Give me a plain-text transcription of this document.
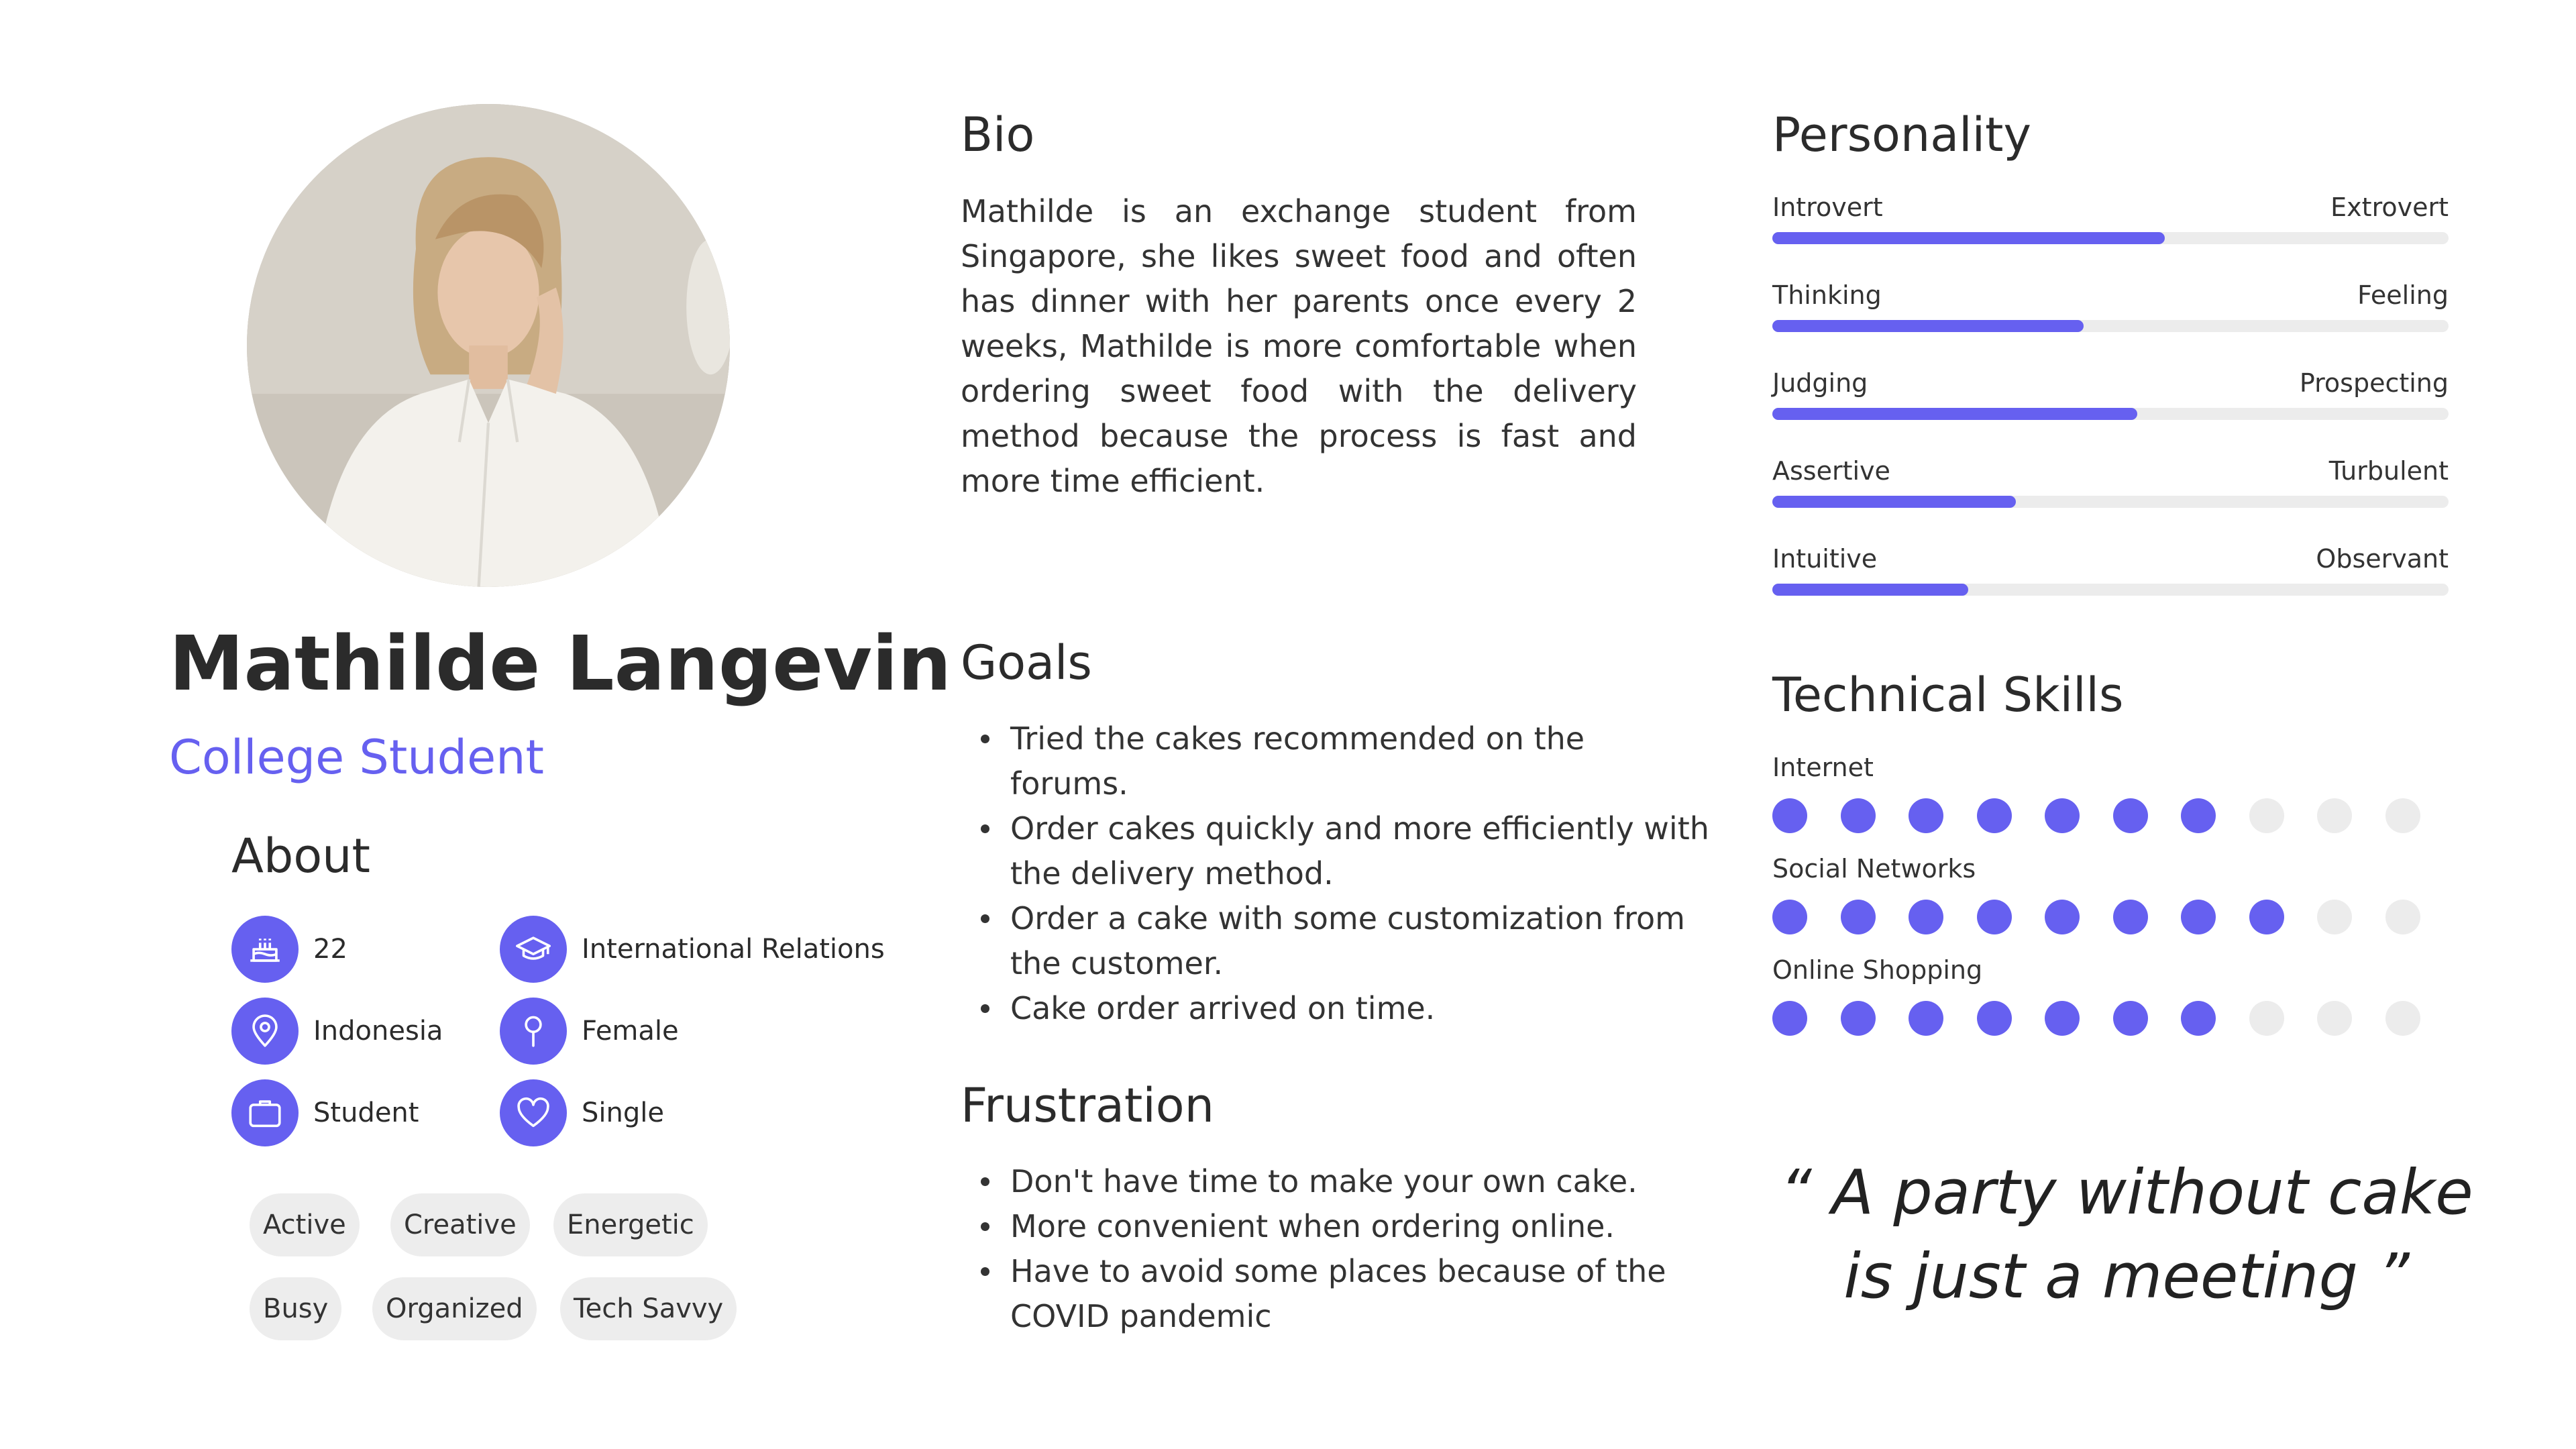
Mathilde Langevin
College Student
About
22	International Relations
Indonesia	Female
Student	Single
Active	Creative	Energetic
Busy	Organized	Tech Savvy
Bio
Mathilde is an exchange student from Singapore, she likes sweet food and often has dinner with her parents once every 2 weeks, Mathilde is more comfortable when ordering sweet food with the delivery method because the process is fast and more time efficient.
Goals
Tried the cakes recommended on the forums.
Order cakes quickly and more efficiently with the delivery method.
Order a cake with some customization from the customer.
Cake order arrived on time.
Frustration
Don't have time to make your own cake.
More convenient when ordering online.
Have to avoid some places because of the COVID pandemic
Personality
Introvert	Extrovert
Thinking	Feeling
Judging	Prospecting
Assertive	Turbulent
Intuitive	Observant
Technical Skills
Internet
Social Networks
Online Shopping
“ A party without cake
is just a meeting ”
